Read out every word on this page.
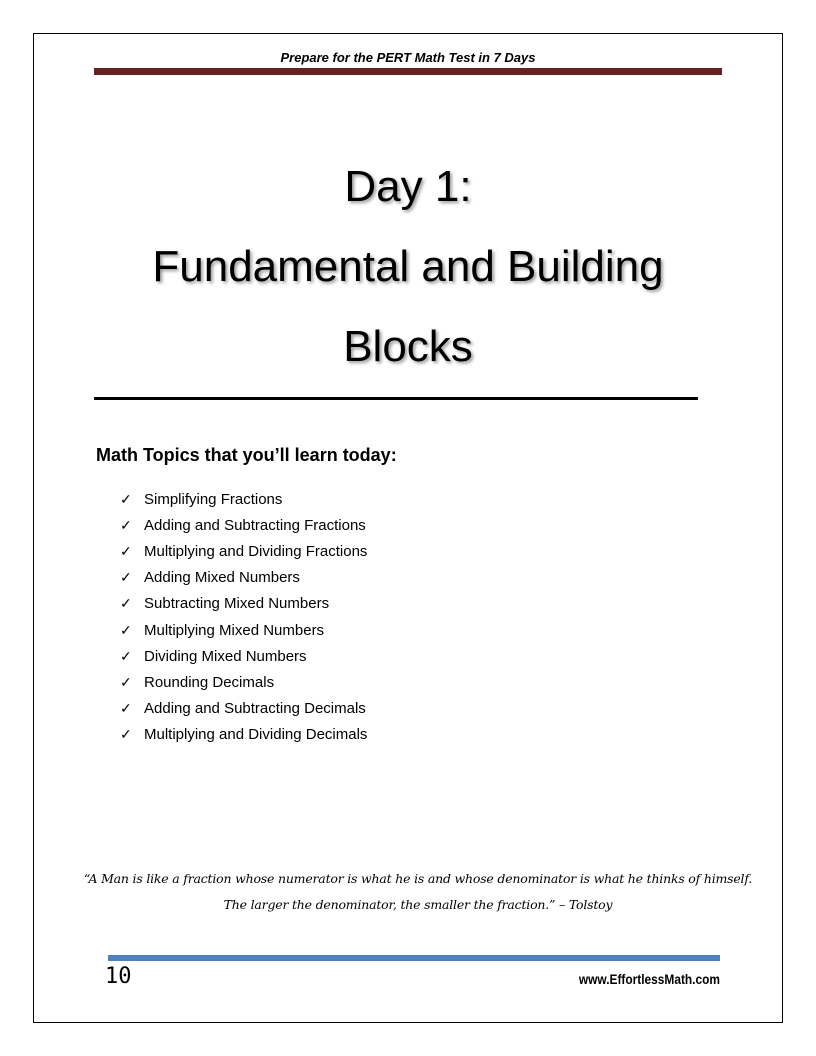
Prepare for the PERT Math Test in 7 Days
Day 1:
Fundamental and Building
Blocks
Math Topics that you’ll learn today:
✓ Simplifying Fractions
✓ Adding and Subtracting Fractions
✓ Multiplying and Dividing Fractions
✓ Adding Mixed Numbers
✓ Subtracting Mixed Numbers
✓ Multiplying Mixed Numbers
✓ Dividing Mixed Numbers
✓ Rounding Decimals
✓ Adding and Subtracting Decimals
✓ Multiplying and Dividing Decimals
“A Man is like a fraction whose numerator is what he is and whose denominator is what he thinks of himself.
The larger the denominator, the smaller the fraction.” – Tolstoy
10	www.EffortlessMath.com
